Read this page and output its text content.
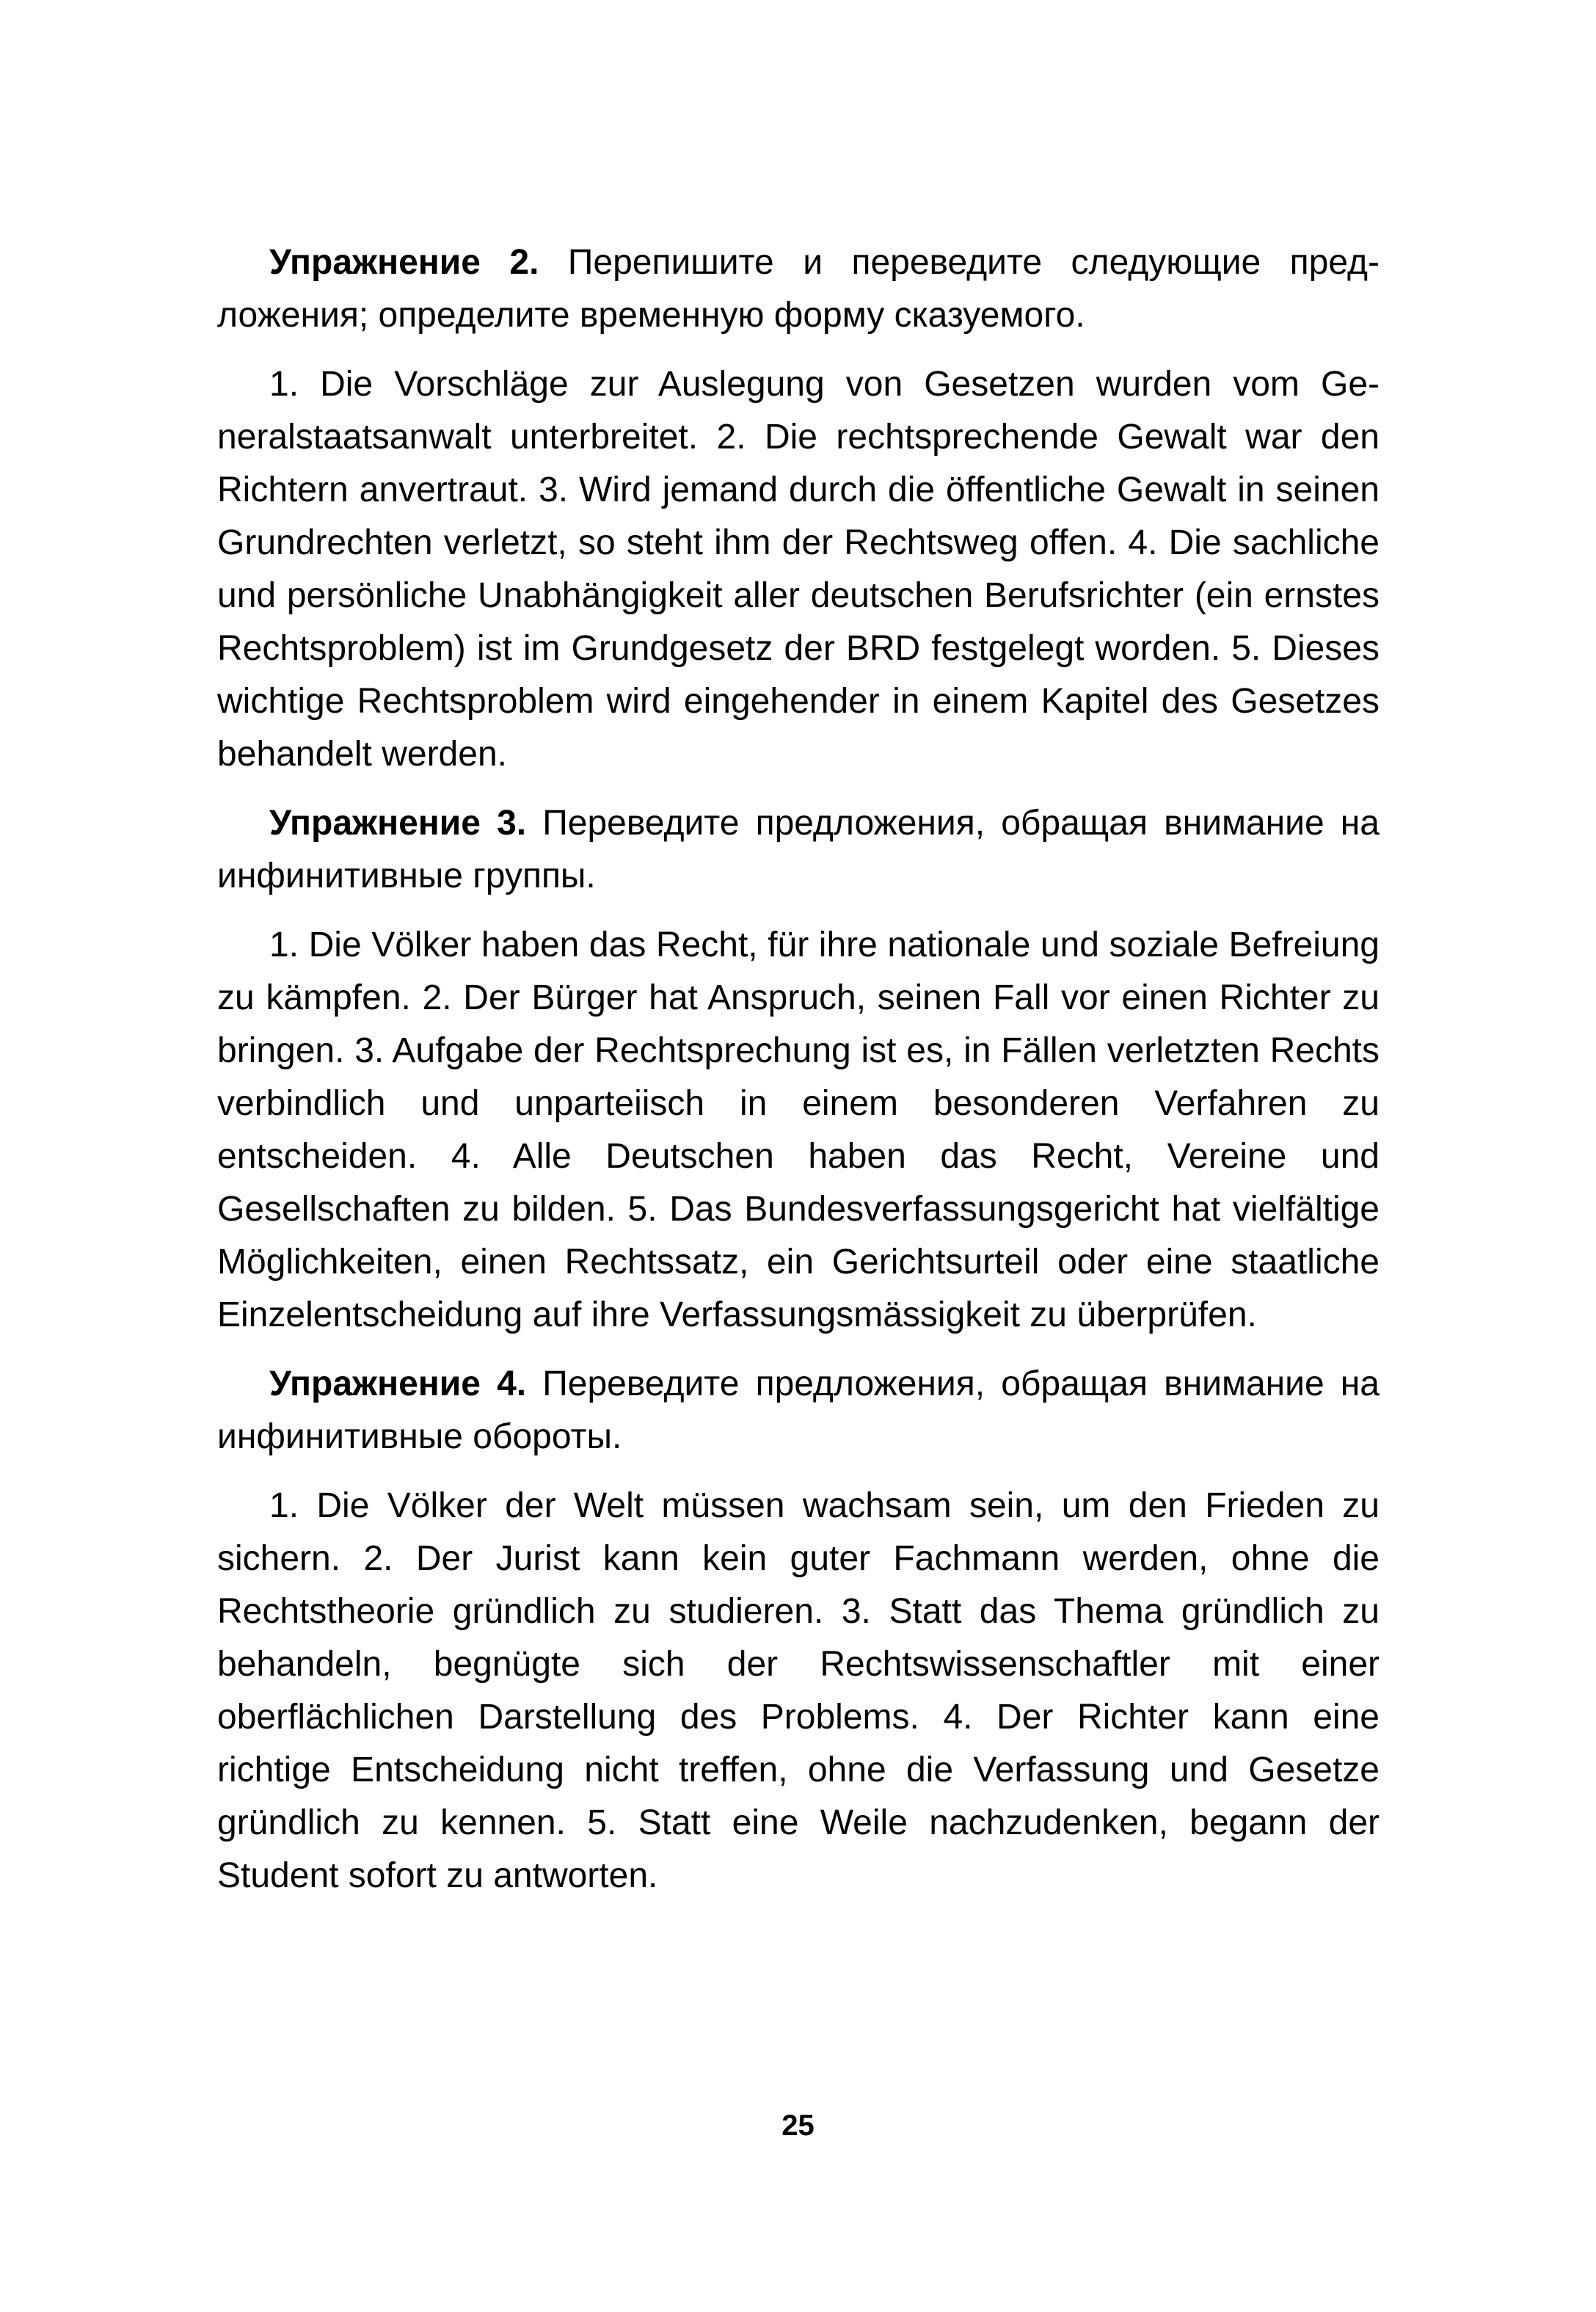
Упражнение 2. Перепишите и переведите следующие предложения; определите временную форму сказуемого.

1. Die Vorschläge zur Auslegung von Gesetzen wurden vom Generalstaatsanwalt unterbreitet. 2. Die rechtsprechende Gewalt war den Richtern anvertraut. 3. Wird jemand durch die öffentliche Gewalt in seinen Grundrechten verletzt, so steht ihm der Rechtsweg offen. 4. Die sachliche und persönliche Unabhängigkeit aller deutschen Berufsrichter (ein ernstes Rechtsproblem) ist im Grundgesetz der BRD festgelegt worden. 5. Dieses wichtige Rechtsproblem wird eingehender in einem Kapitel des Gesetzes behandelt werden.

Упражнение 3. Переведите предложения, обращая внимание на инфинитивные группы.

1. Die Völker haben das Recht, für ihre nationale und soziale Befreiung zu kämpfen. 2. Der Bürger hat Anspruch, seinen Fall vor einen Richter zu bringen. 3. Aufgabe der Rechtsprechung ist es, in Fällen verletzten Rechts verbindlich und unparteiisch in einem besonderen Verfahren zu entscheiden. 4. Alle Deutschen haben das Recht, Vereine und Gesellschaften zu bilden. 5. Das Bundesverfassungsgericht hat vielfältige Möglichkeiten, einen Rechtssatz, ein Gerichtsurteil oder eine staatliche Einzelentscheidung auf ihre Verfassungsmässigkeit zu überprüfen.

Упражнение 4. Переведите предложения, обращая внимание на инфинитивные обороты.

1. Die Völker der Welt müssen wachsam sein, um den Frieden zu sichern. 2. Der Jurist kann kein guter Fachmann werden, ohne die Rechtstheorie gründlich zu studieren. 3. Statt das Thema gründlich zu behandeln, begnügte sich der Rechtswissenschaftler mit einer oberflächlichen Darstellung des Problems. 4. Der Richter kann eine richtige Entscheidung nicht treffen, ohne die Verfassung und Gesetze gründlich zu kennen. 5. Statt eine Weile nachzudenken, begann der Student sofort zu antworten.

25
